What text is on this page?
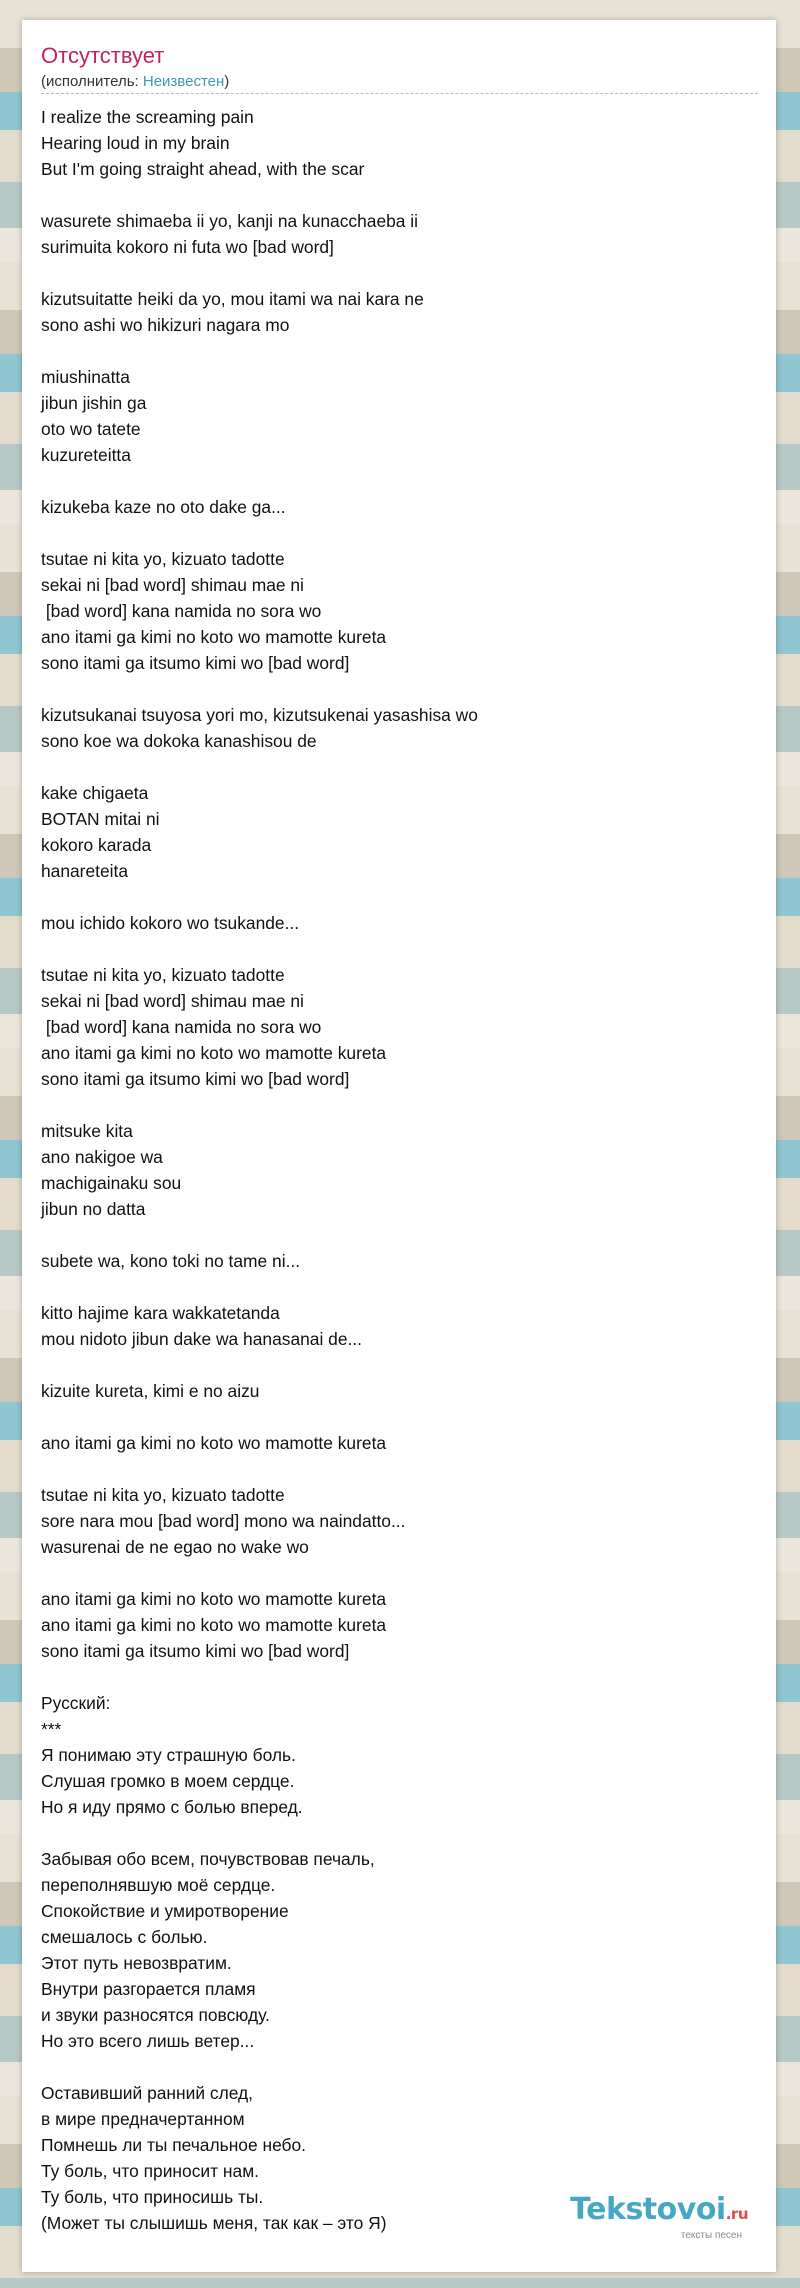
Отсутствует
(исполнитель: Неизвестен)
I realize the screaming pain
Hearing loud in my brain
But I'm going straight ahead, with the scar
wasurete shimaeba ii yo, kanji na kunacchaeba ii
surimuita kokoro ni futa wo [bad word]
kizutsuitatte heiki da yo, mou itami wa nai kara ne
sono ashi wo hikizuri nagara mo
miushinatta
jibun jishin ga
oto wo tatete
kuzureteitta
kizukeba kaze no oto dake ga...
tsutae ni kita yo, kizuato tadotte
sekai ni [bad word] shimau mae ni
[bad word] kana namida no sora wo
ano itami ga kimi no koto wo mamotte kureta
sono itami ga itsumo kimi wo [bad word]
kizutsukanai tsuyosa yori mo, kizutsukenai yasashisa wo
sono koe wa dokoka kanashisou de
kake chigaeta
BOTAN mitai ni
kokoro karada
hanareteita
mou ichido kokoro wo tsukande...
tsutae ni kita yo, kizuato tadotte
sekai ni [bad word] shimau mae ni
[bad word] kana namida no sora wo
ano itami ga kimi no koto wo mamotte kureta
sono itami ga itsumo kimi wo [bad word]
mitsuke kita
ano nakigoe wa
machigainaku sou
jibun no datta
subete wa, kono toki no tame ni...
kitto hajime kara wakkatetanda
mou nidoto jibun dake wa hanasanai de...
kizuite kureta, kimi e no aizu
ano itami ga kimi no koto wo mamotte kureta
tsutae ni kita yo, kizuato tadotte
sore nara mou [bad word] mono wa naindatto...
wasurenai de ne egao no wake wo
ano itami ga kimi no koto wo mamotte kureta
ano itami ga kimi no koto wo mamotte kureta
sono itami ga itsumo kimi wo [bad word]
Русский:
***
Я понимаю эту страшную боль.
Слушая громко в моем сердце.
Но я иду прямо с болью вперед.
Забывая обо всем, почувствовав печаль,
переполнявшую моё сердце.
Спокойствие и умиротворение
смешалось с болью.
Этот путь невозвратим.
Внутри разгорается пламя
и звуки разносятся повсюду.
Но это всего лишь ветер...
Оставивший ранний след,
в мире предначертанном
Помнешь ли ты печальное небо.
Ту боль, что приносит нам.
Ту боль, что приносишь ты.
(Может ты слышишь меня, так как – это Я)	Tekstovoi.ru
тексты песен
